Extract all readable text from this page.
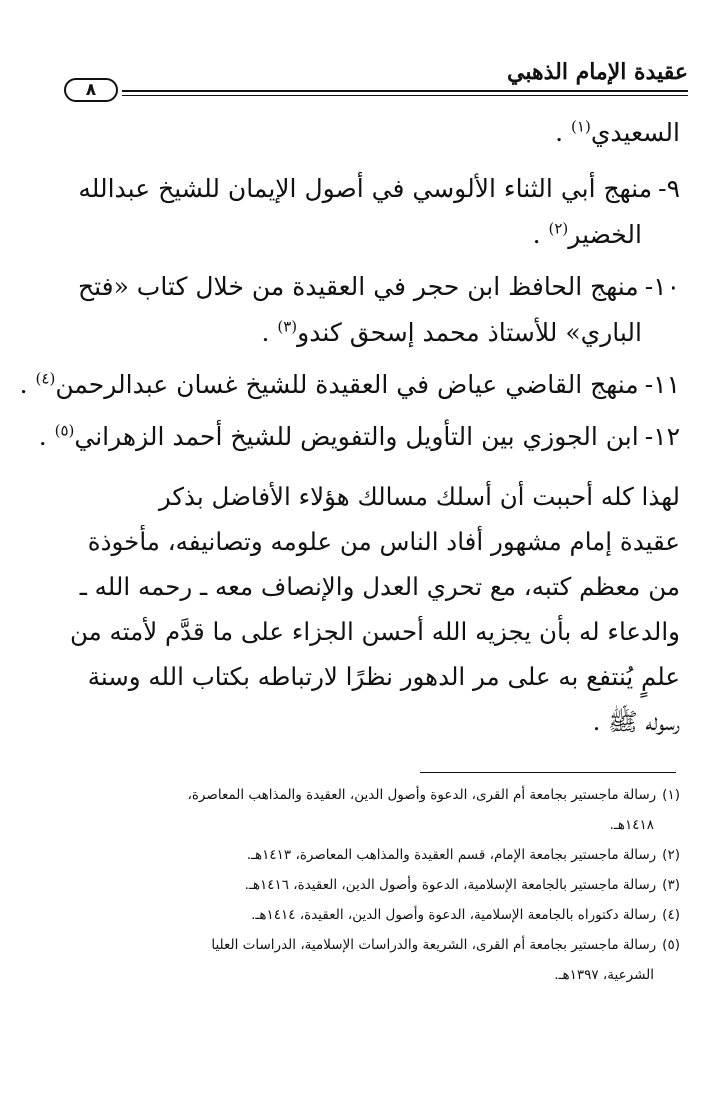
عقيدة الإمام الذهبي
٨
السعيدي$^{(١)}$ .
٩-منهج أبي الثناء الألوسي في أصول الإيمان للشيخ عبدالله
الخضير$^{(٢)}$ .
١٠-منهج الحافظ ابن حجر في العقيدة من خلال كتاب «فتح
الباري» للأستاذ محمد إسحق كندو$^{(٣)}$ .
١١-منهج القاضي عياض في العقيدة للشيخ غسان عبدالرحمن$^{(٤)}$ .
١٢-ابن الجوزي بين التأويل والتفويض للشيخ أحمد الزهراني$^{(٥)}$ .
لهذا كله أحببت أن أسلك مسالك هؤلاء الأفاضل بذكر
عقيدة إمام مشهور أفاد الناس من علومه وتصانيفه، مأخوذة
من معظم كتبه، مع تحري العدل والإنصاف معه ـ رحمه الله ـ
والدعاء له بأن يجزيه الله أحسن الجزاء على ما قدَّم لأمته من
علمٍ يُنتفع به على مر الدهور نظرًا لارتباطه بكتاب الله وسنة
رسوله ﷺ .
(١)رسالة ماجستير بجامعة أم القرى، الدعوة وأصول الدين، العقيدة والمذاهب المعاصرة،
١٤١٨هـ.
(٢)رسالة ماجستير بجامعة الإمام، قسم العقيدة والمذاهب المعاصرة، ١٤١٣هـ.
(٣)رسالة ماجستير بالجامعة الإسلامية، الدعوة وأصول الدين، العقيدة، ١٤١٦هـ.
(٤)رسالة دكتوراه بالجامعة الإسلامية، الدعوة وأصول الدين، العقيدة، ١٤١٤هـ.
(٥)رسالة ماجستير بجامعة أم القرى، الشريعة والدراسات الإسلامية، الدراسات العليا
الشرعية، ١٣٩٧هـ.
